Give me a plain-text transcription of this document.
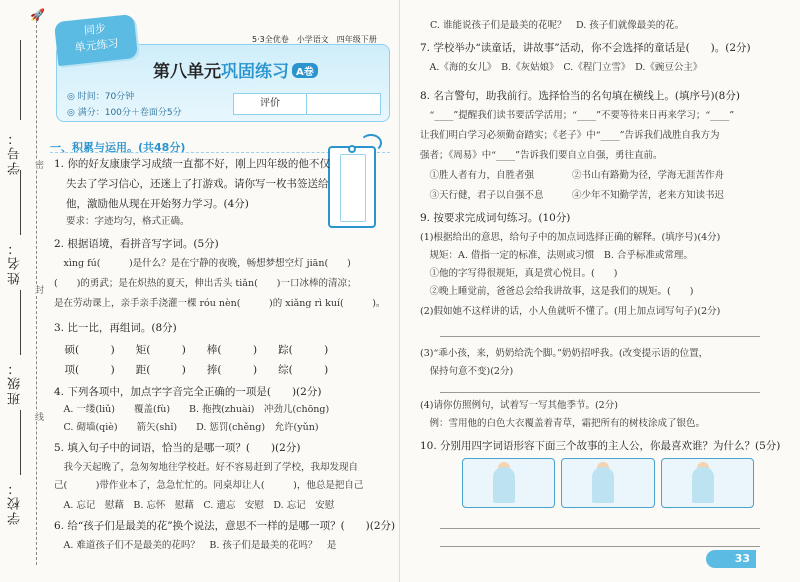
🚀
学号：
姓名：
班级：
学校：
密
封
线
第八单元巩固练习 A卷
◎ 时间：70分钟
◎ 满分：100分＋卷面分5分
评价
同步
单元练习	5·3全优卷　小学语文　四年级下册
一、积累与运用。(共48分)
1. 你的好友康康学习成绩一直都不好，刚上四年级的他不仅
失去了学习信心，还迷上了打游戏。请你写一枚书签送给
他，激励他从现在开始努力学习。(4分)
要求：字迹均匀，格式正确。
2. 根据语境，看拼音写字词。(5分)
　xìng fú(　　　)是什么？是在宁静的夜晚，畅想梦想空灯 jiān(　　)
(　　)的勇武；是在炽热的夏天，伸出舌头 tiǎn(　　)一口冰棒的清凉；
是在劳动课上，亲手亲手浇灌一棵 róu nèn(　　　)的 xiǎng rì kuí(　　　)。
3. 比一比，再组词。(8分)
　硕(　　　)　　矩(　　　)　　棒(　　　)　　踪(　　　)
　项(　　　)　　距(　　　)　　捧(　　　)　　综(　　　)
4. 下列各项中，加点字字音完全正确的一项是(　　)(2分)
　A. 一缕(liǔ)　　覆盖(fù)　　B. 拖拽(zhuài)　冲劲儿(chōng)
　C. 砌墙(qiè)　　箭矢(shǐ)　　D. 惩罚(chěng)　允许(yǔn)
5. 填入句子中的词语，恰当的是哪一项？(　　)(2分)
　我今天起晚了，急匆匆地往学校赶。好不容易赶到了学校，我却发现自
己(　　　)带作业本了，急急忙忙的。同桌却让人(　　　)，他总是把自己
　A. 忘记　慰藉　B. 忘怀　慰藉　C. 遗忘　安慰　D. 忘记　安慰
6. 给“孩子们是最美的花”换个说法，意思不一样的是哪一项？(　　)(2分)
　A. 难道孩子们不是最美的花吗？　B. 孩子们是最美的花吗？　是
C. 谁能说孩子们是最美的花呢？　D. 孩子们就像最美的花。
7. 学校举办“读童话，讲故事”活动，你不会选择的童话是(　　)。(2分)
　A.《海的女儿》　B.《灰姑娘》　C.《程门立雪》　D.《豌豆公主》
8. 名言警句，助我前行。选择恰当的名句填在横线上。(填序号)(8分)
　“____”提醒我们读书要活学活用；“____”不要等待来日再来学习；“____”
让我们明白学习必须勤奋踏实；《老子》中“____”告诉我们战胜自我方为
强者；《周易》中“____”告诉我们要自立自强，勇往直前。
　①胜人者有力，自胜者强　　　　②书山有路勤为径，学海无涯苦作舟
　③天行健，君子以自强不息　　　④少年不知勤学苦，老来方知读书迟
9. 按要求完成词句练习。(10分)
(1)根据给出的意思，给句子中的加点词选择正确的解释。(填序号)(4分)
　规矩：A. 借指一定的标准，法则或习惯　B. 合乎标准或常理。
　①他的字写得很规矩，真是赏心悦目。(　　)
　②晚上睡觉前，爸爸总会给我讲故事，这是我们的规矩。(　　)
(2)假如她不这样讲的话，小人鱼就听不懂了。(用上加点词写句子)(2分)
(3)“乖小孩，来，奶奶给洗个脚。”奶奶招呼我。(改变提示语的位置，
　保持句意不变)(2分)
(4)请你仿照例句，试着写一写其他季节。(2分)
　例：雪用他的白色大衣覆盖着青草，霜把所有的树枝涂成了银色。
10. 分别用四字词语形容下面三个故事的主人公，你最喜欢谁？为什么？(5分)
33
